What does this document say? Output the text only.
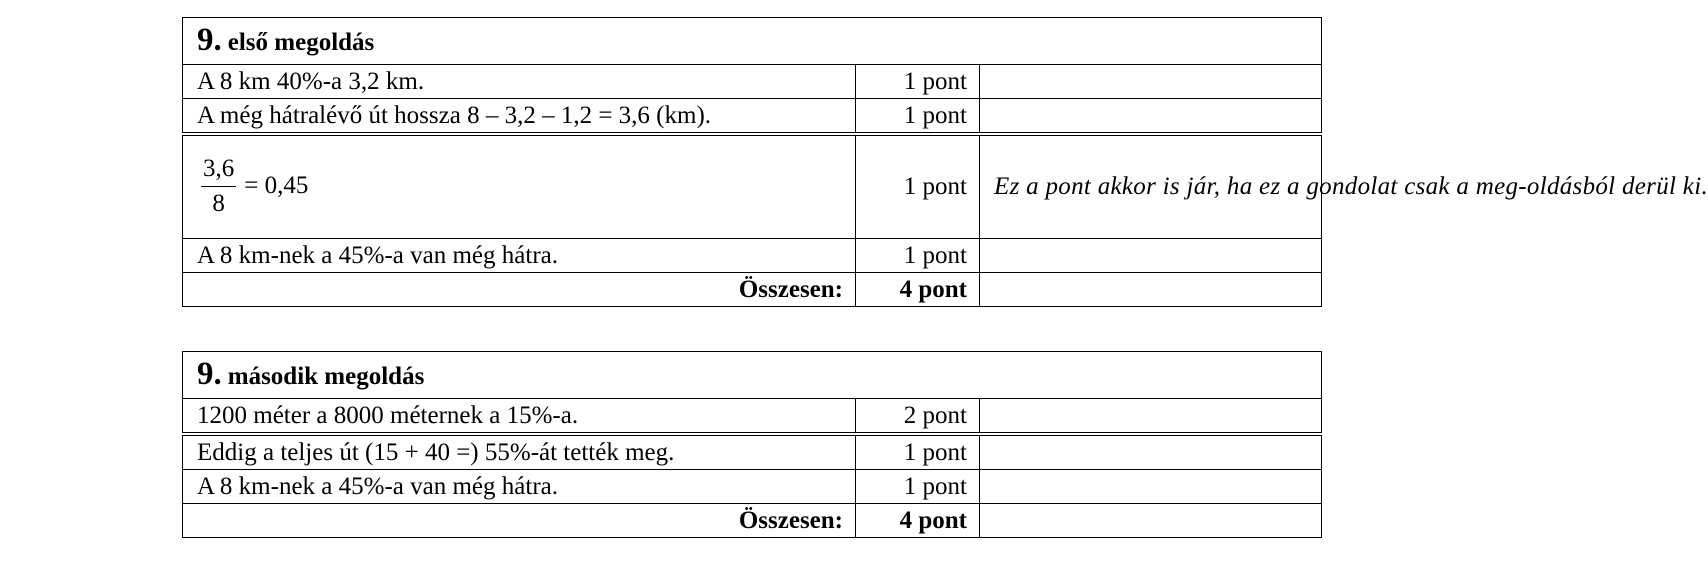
9. első megoldás		
A 8 km 40%-a 3,2 km.	1 pont	
A még hátralévő út hossza 8 – 3,2 – 1,2 = 3,6 (km).	1 pont	

$\frac{3,6}{8} = 0,45$	1 pont	Ez a pont akkor is jár, ha ez a gondolat csak a meg-oldásból derül ki.
A 8 km-nek a 45%-a van még hátra.	1 pont	
Összesen:	4 pont	
9. második megoldás		
1200 méter a 8000 méternek a 15%-a.	2 pont	
Eddig a teljes út (15 + 40 =) 55%-át tették meg.	1 pont	
A 8 km-nek a 45%-a van még hátra.	1 pont	
Összesen:	4 pont	
